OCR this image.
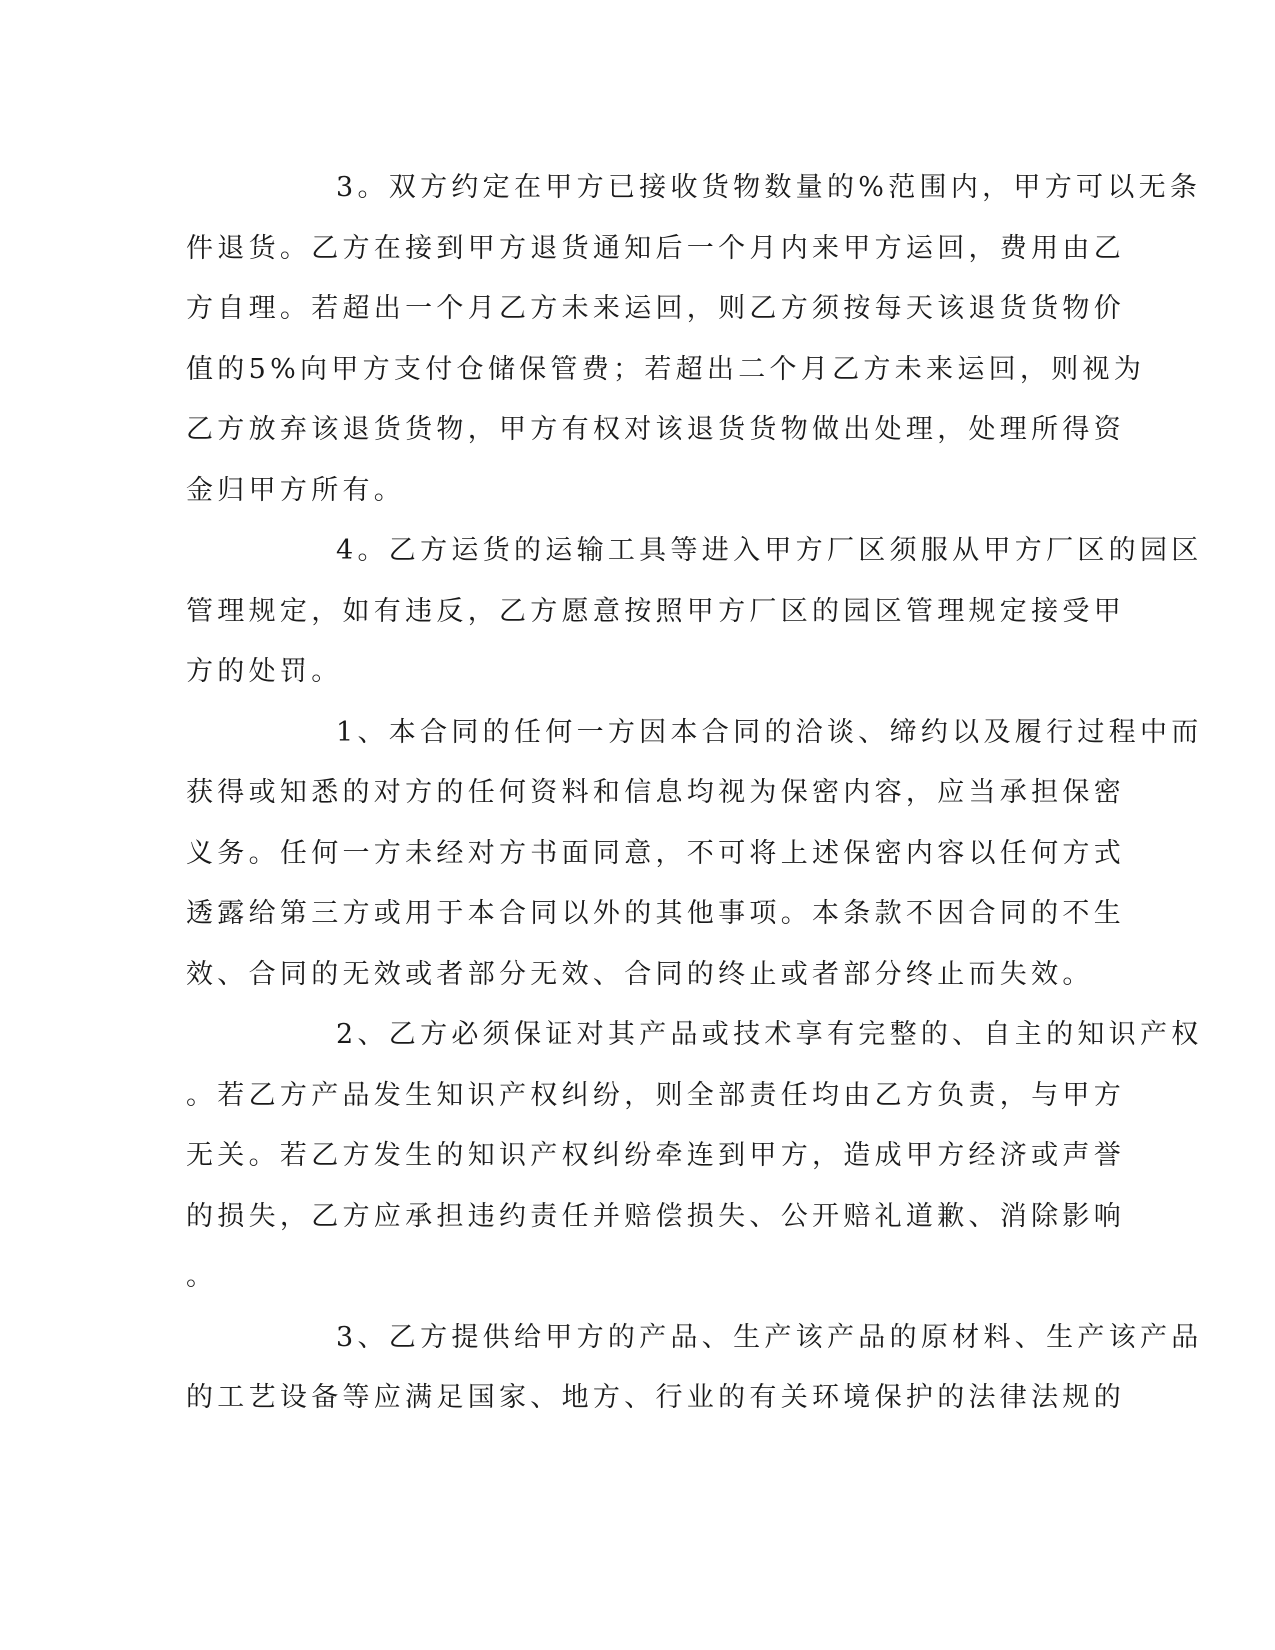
3。双方约定在甲方已接收货物数量的%范围内，甲方可以无条
件退货。乙方在接到甲方退货通知后一个月内来甲方运回，费用由乙
方自理。若超出一个月乙方未来运回，则乙方须按每天该退货货物价
值的5%向甲方支付仓储保管费；若超出二个月乙方未来运回，则视为
乙方放弃该退货货物，甲方有权对该退货货物做出处理，处理所得资
金归甲方所有。
4。乙方运货的运输工具等进入甲方厂区须服从甲方厂区的园区
管理规定，如有违反，乙方愿意按照甲方厂区的园区管理规定接受甲
方的处罚。
1、本合同的任何一方因本合同的洽谈、缔约以及履行过程中而
获得或知悉的对方的任何资料和信息均视为保密内容，应当承担保密
义务。任何一方未经对方书面同意，不可将上述保密内容以任何方式
透露给第三方或用于本合同以外的其他事项。本条款不因合同的不生
效、合同的无效或者部分无效、合同的终止或者部分终止而失效。
2、乙方必须保证对其产品或技术享有完整的、自主的知识产权
。若乙方产品发生知识产权纠纷，则全部责任均由乙方负责，与甲方
无关。若乙方发生的知识产权纠纷牵连到甲方，造成甲方经济或声誉
的损失，乙方应承担违约责任并赔偿损失、公开赔礼道歉、消除影响
。
3、乙方提供给甲方的产品、生产该产品的原材料、生产该产品
的工艺设备等应满足国家、地方、行业的有关环境保护的法律法规的
